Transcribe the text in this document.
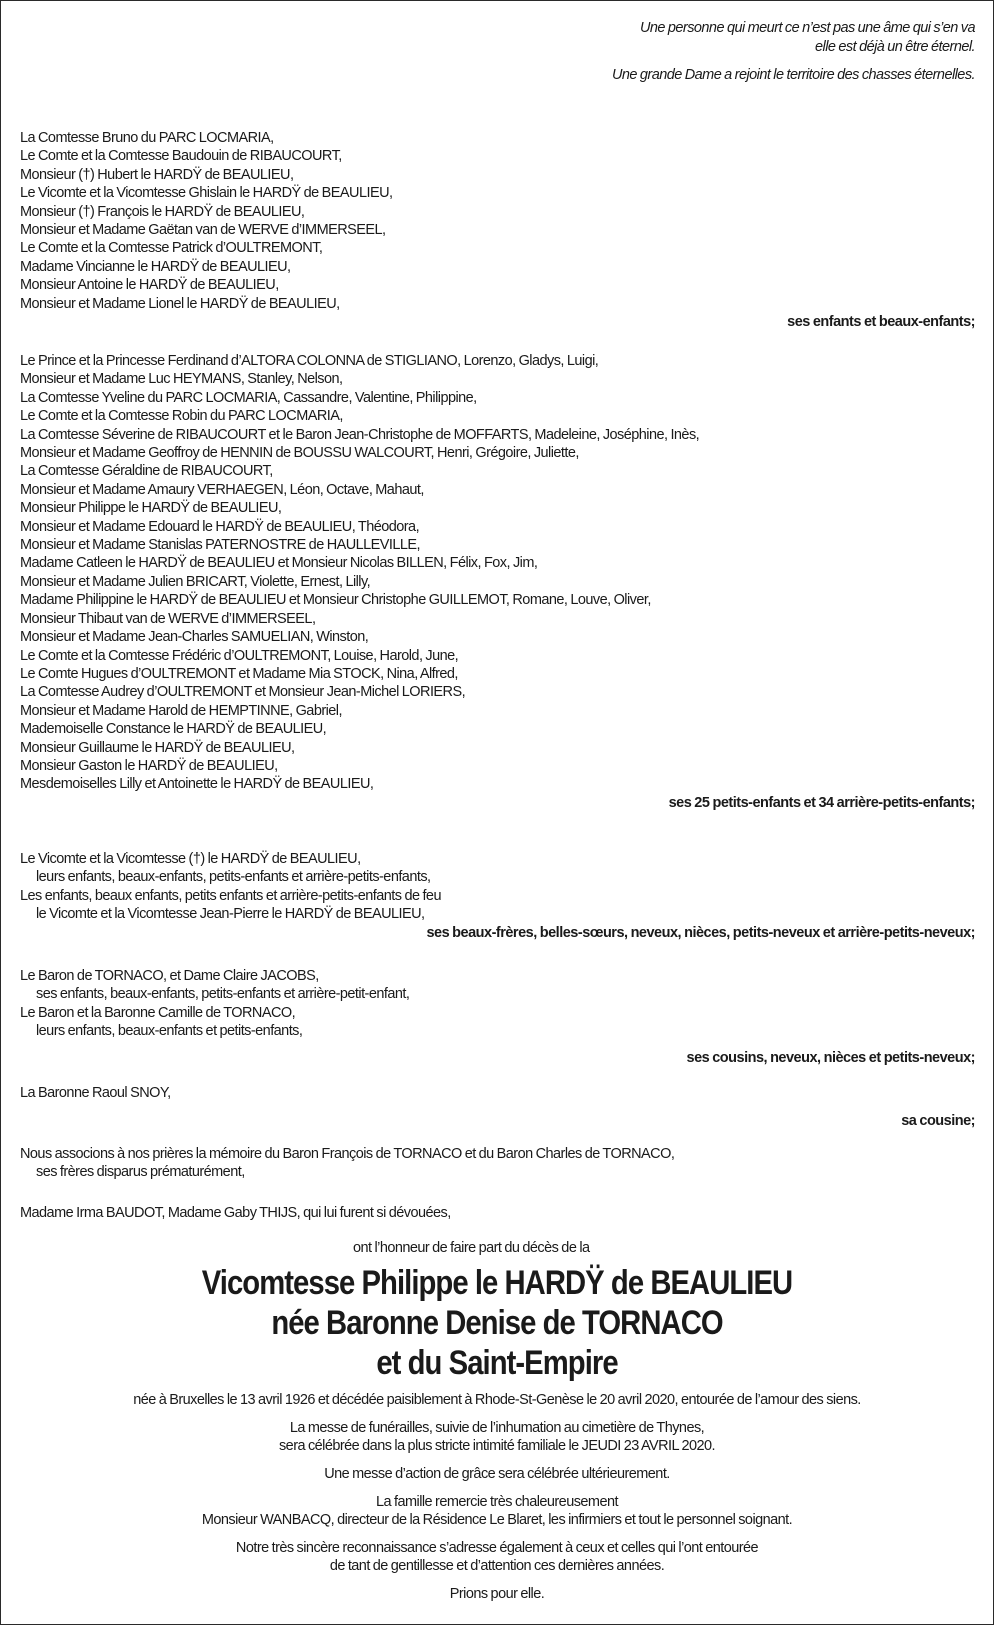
Une personne qui meurt ce n’est pas une âme qui s’en va
elle est déjà un être éternel.

Une grande Dame a rejoint le territoire des chasses éternelles.

La Comtesse Bruno du PARC LOCMARIA,
Le Comte et la Comtesse Baudouin de RIBAUCOURT,
Monsieur (†) Hubert le HARDŸ de BEAULIEU,
Le Vicomte et la Vicomtesse Ghislain le HARDŸ de BEAULIEU,
Monsieur (†) François le HARDŸ de BEAULIEU,
Monsieur et Madame Gaëtan van de WERVE d’IMMERSEEL,
Le Comte et la Comtesse Patrick d’OULTREMONT,
Madame Vincianne le HARDŸ de BEAULIEU,
Monsieur Antoine le HARDŸ de BEAULIEU,
Monsieur et Madame Lionel le HARDŸ de BEAULIEU,
ses enfants et beaux-enfants;
Le Prince et la Princesse Ferdinand d’ALTORA COLONNA de STIGLIANO, Lorenzo, Gladys, Luigi,
Monsieur et Madame Luc HEYMANS, Stanley, Nelson,
La Comtesse Yveline du PARC LOCMARIA, Cassandre, Valentine, Philippine,
Le Comte et la Comtesse Robin du PARC LOCMARIA,
La Comtesse Séverine de RIBAUCOURT et le Baron Jean-Christophe de MOFFARTS, Madeleine, Joséphine, Inès,
Monsieur et Madame Geoffroy de HENNIN de BOUSSU WALCOURT, Henri, Grégoire, Juliette,
La Comtesse Géraldine de RIBAUCOURT,
Monsieur et Madame Amaury VERHAEGEN, Léon, Octave, Mahaut,
Monsieur Philippe le HARDŸ de BEAULIEU,
Monsieur et Madame Edouard le HARDŸ de BEAULIEU, Théodora,
Monsieur et Madame Stanislas PATERNOSTRE de HAULLEVILLE,
Madame Catleen le HARDŸ de BEAULIEU et Monsieur Nicolas BILLEN, Félix, Fox, Jim,
Monsieur et Madame Julien BRICART, Violette, Ernest, Lilly,
Madame Philippine le HARDŸ de BEAULIEU et Monsieur Christophe GUILLEMOT, Romane, Louve, Oliver,
Monsieur Thibaut van de WERVE d’IMMERSEEL,
Monsieur et Madame Jean-Charles SAMUELIAN, Winston,
Le Comte et la Comtesse Frédéric d’OULTREMONT, Louise, Harold, June,
Le Comte Hugues d’OULTREMONT et Madame Mia STOCK, Nina, Alfred,
La Comtesse Audrey d’OULTREMONT et Monsieur Jean-Michel LORIERS,
Monsieur et Madame Harold de HEMPTINNE, Gabriel,
Mademoiselle Constance le HARDŸ de BEAULIEU,
Monsieur Guillaume le HARDŸ de BEAULIEU,
Monsieur Gaston le HARDŸ de BEAULIEU,
Mesdemoiselles Lilly et Antoinette le HARDŸ de BEAULIEU,
ses 25 petits-enfants et 34 arrière-petits-enfants;
Le Vicomte et la Vicomtesse (†) le HARDŸ de BEAULIEU,
leurs enfants, beaux-enfants, petits-enfants et arrière-petits-enfants,
Les enfants, beaux enfants, petits enfants et arrière-petits-enfants de feu
le Vicomte et la Vicomtesse Jean-Pierre le HARDŸ de BEAULIEU,
ses beaux-frères, belles-sœurs, neveux, nièces, petits-neveux et arrière-petits-neveux;
Le Baron de TORNACO, et Dame Claire JACOBS,
ses enfants, beaux-enfants, petits-enfants et arrière-petit-enfant,
Le Baron et la Baronne Camille de TORNACO,
leurs enfants, beaux-enfants et petits-enfants,
ses cousins, neveux, nièces et petits-neveux;
La Baronne Raoul SNOY,
sa cousine;
Nous associons à nos prières la mémoire du Baron François de TORNACO et du Baron Charles de TORNACO,
ses frères disparus prématurément,
Madame Irma BAUDOT, Madame Gaby THIJS, qui lui furent si dévouées,
ont l’honneur de faire part du décès de la
Vicomtesse Philippe le HARDŸ de BEAULIEU
née Baronne Denise de TORNACO
et du Saint-Empire

née à Bruxelles le 13 avril 1926 et décédée paisiblement à Rhode-St-Genèse le 20 avril 2020, entourée de l’amour des siens.

La messe de funérailles, suivie de l’inhumation au cimetière de Thynes,
sera célébrée dans la plus stricte intimité familiale le JEUDI 23 AVRIL 2020.

Une messe d’action de grâce sera célébrée ultérieurement.

La famille remercie très chaleureusement
Monsieur WANBACQ, directeur de la Résidence Le Blaret, les infirmiers et tout le personnel soignant.

Notre très sincère reconnaissance s’adresse également à ceux et celles qui l’ont entourée
de tant de gentillesse et d’attention ces dernières années.

Prions pour elle.
